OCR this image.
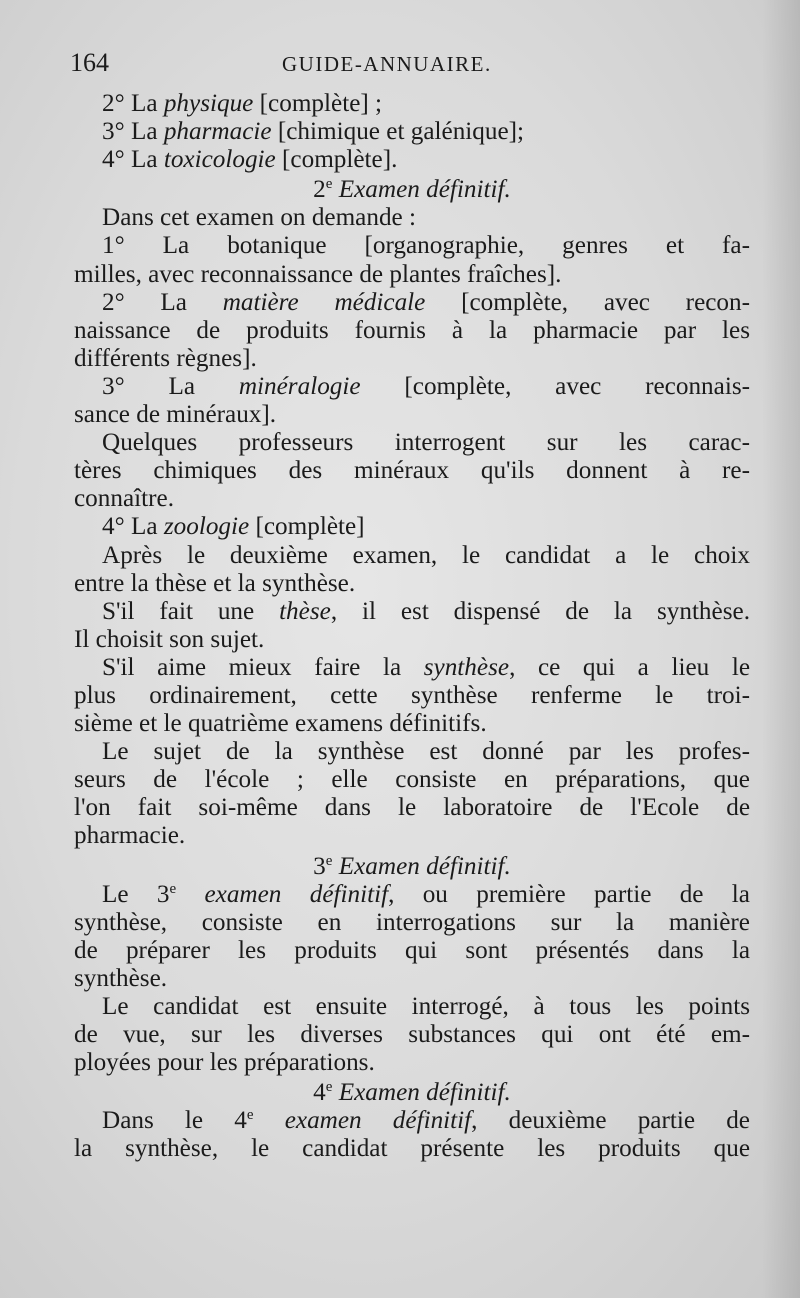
164	GUIDE-ANNUAIRE.
2° La physique [complète] ;
3° La pharmacie [chimique et galénique];
4° La toxicologie [complète].
2e Examen définitif.
Dans cet examen on demande :
1° La botanique [organographie, genres et fa-
milles, avec reconnaissance de plantes fraîches].
2° La matière médicale [complète, avec recon-
naissance de produits fournis à la pharmacie par les
différents règnes].
3° La minéralogie [complète, avec reconnais-
sance de minéraux].
Quelques professeurs interrogent sur les carac-
tères chimiques des minéraux qu'ils donnent à re-
connaître.
4° La zoologie [complète]
Après le deuxième examen, le candidat a le choix
entre la thèse et la synthèse.
S'il fait une thèse, il est dispensé de la synthèse.
Il choisit son sujet.
S'il aime mieux faire la synthèse, ce qui a lieu le
plus ordinairement, cette synthèse renferme le troi-
sième et le quatrième examens définitifs.
Le sujet de la synthèse est donné par les profes-
seurs de l'école ; elle consiste en préparations, que
l'on fait soi-même dans le laboratoire de l'Ecole de
pharmacie.
3e Examen définitif.
Le 3e examen définitif, ou première partie de la
synthèse, consiste en interrogations sur la manière
de préparer les produits qui sont présentés dans la
synthèse.
Le candidat est ensuite interrogé, à tous les points
de vue, sur les diverses substances qui ont été em-
ployées pour les préparations.
4e Examen définitif.
Dans le 4e examen définitif, deuxième partie de
la synthèse, le candidat présente les produits que
